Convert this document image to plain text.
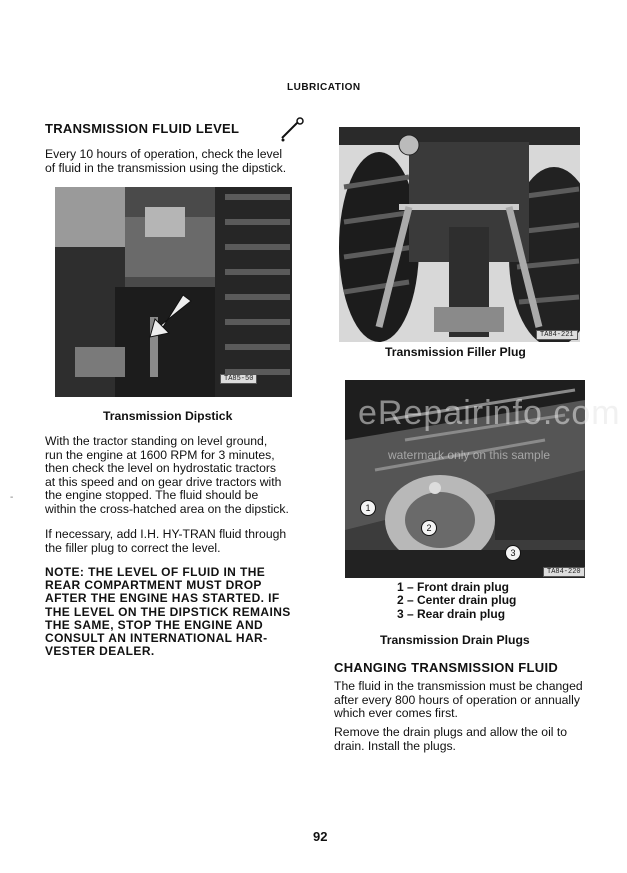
LUBRICATION
TRANSMISSION FLUID LEVEL
Every 10 hours of operation, check the level
of fluid in the transmission using the dipstick.
TA85-50
Transmission Dipstick
With the tractor standing on level ground,
run the engine at 1600 RPM for 3 minutes,
then check the level on hydrostatic tractors
at this speed and on gear drive tractors with
the engine stopped. The fluid should be
within the cross-hatched area on the dipstick.
If necessary, add I.H. HY-TRAN fluid through
the filler plug to correct the level.
NOTE: THE LEVEL OF FLUID IN THE
REAR COMPARTMENT MUST DROP
AFTER THE ENGINE HAS STARTED. IF
THE LEVEL ON THE DIPSTICK REMAINS
THE SAME, STOP THE ENGINE AND
CONSULT AN INTERNATIONAL HAR-
VESTER DEALER.
-
TA84-221
Transmission Filler Plug
1
2
3
TA84-220
eRepairinfo.com
watermark only on this sample
1 – Front drain plug
2 – Center drain plug
3 – Rear drain plug
Transmission Drain Plugs
CHANGING TRANSMISSION FLUID
The fluid in the transmission must be changed
after every 800 hours of operation or annually
which ever comes first.
Remove the drain plugs and allow the oil to
drain. Install the plugs.
92
